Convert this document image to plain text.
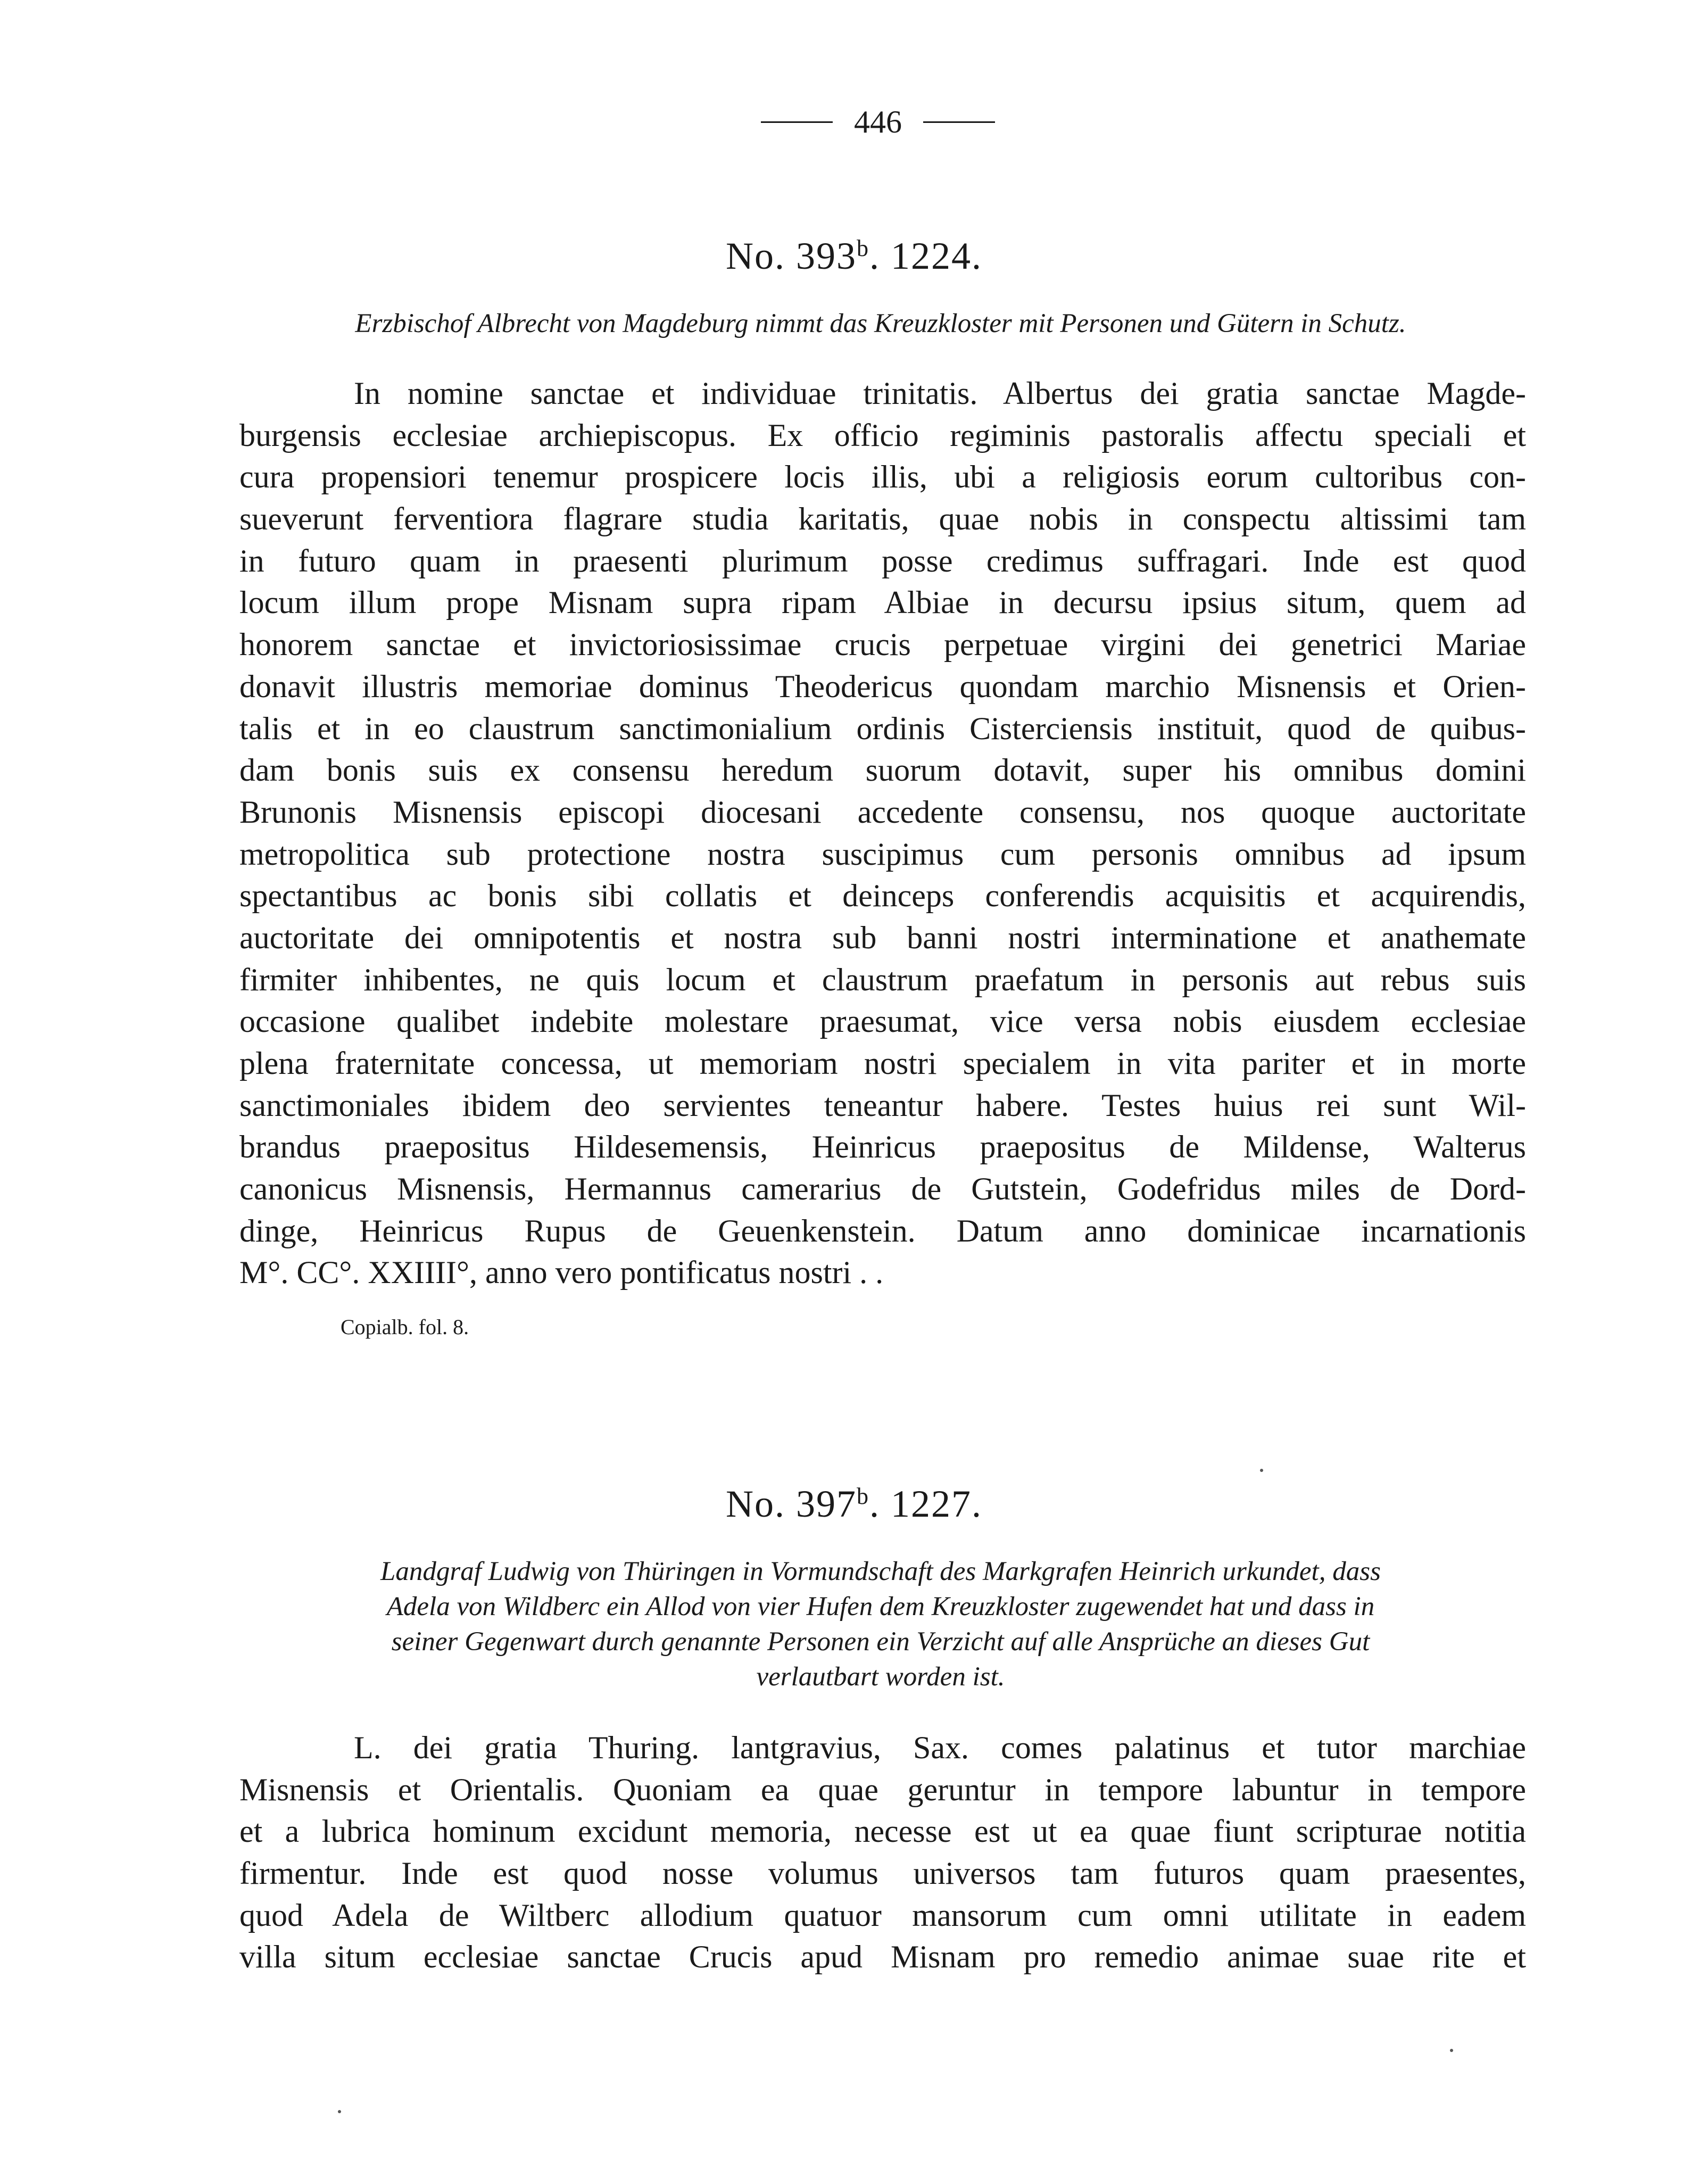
446
No. 393$^b$. 1224.
Erzbischof Albrecht von Magdeburg nimmt das Kreuzkloster mit Personen und Gütern in Schutz.
In nomine sanctae et individuae trinitatis. Albertus dei gratia sanctae Magde-
burgensis ecclesiae archiepiscopus. Ex officio regiminis pastoralis affectu speciali et
cura propensiori tenemur prospicere locis illis, ubi a religiosis eorum cultoribus con-
sueverunt ferventiora flagrare studia karitatis, quae nobis in conspectu altissimi tam
in futuro quam in praesenti plurimum posse credimus suffragari. Inde est quod
locum illum prope Misnam supra ripam Albiae in decursu ipsius situm, quem ad
honorem sanctae et invictoriosissimae crucis perpetuae virgini dei genetrici Mariae
donavit illustris memoriae dominus Theodericus quondam marchio Misnensis et Orien-
talis et in eo claustrum sanctimonialium ordinis Cisterciensis instituit, quod de quibus-
dam bonis suis ex consensu heredum suorum dotavit, super his omnibus domini
Brunonis Misnensis episcopi diocesani accedente consensu, nos quoque auctoritate
metropolitica sub protectione nostra suscipimus cum personis omnibus ad ipsum
spectantibus ac bonis sibi collatis et deinceps conferendis acquisitis et acquirendis,
auctoritate dei omnipotentis et nostra sub banni nostri interminatione et anathemate
firmiter inhibentes, ne quis locum et claustrum praefatum in personis aut rebus suis
occasione qualibet indebite molestare praesumat, vice versa nobis eiusdem ecclesiae
plena fraternitate concessa, ut memoriam nostri specialem in vita pariter et in morte
sanctimoniales ibidem deo servientes teneantur habere. Testes huius rei sunt Wil-
brandus praepositus Hildesemensis, Heinricus praepositus de Mildense, Walterus
canonicus Misnensis, Hermannus camerarius de Gutstein, Godefridus miles de Dord-
dinge, Heinricus Rupus de Geuenkenstein. Datum anno dominicae incarnationis
M°. CC°. XXIIII°, anno vero pontificatus nostri . .
Copialb. fol. 8.
No. 397$^b$. 1227.
Landgraf Ludwig von Thüringen in Vormundschaft des Markgrafen Heinrich urkundet, dass
Adela von Wildberc ein Allod von vier Hufen dem Kreuzkloster zugewendet hat und dass in
seiner Gegenwart durch genannte Personen ein Verzicht auf alle Ansprüche an dieses Gut
verlautbart worden ist.
L. dei gratia Thuring. lantgravius, Sax. comes palatinus et tutor marchiae
Misnensis et Orientalis. Quoniam ea quae geruntur in tempore labuntur in tempore
et a lubrica hominum excidunt memoria, necesse est ut ea quae fiunt scripturae notitia
firmentur. Inde est quod nosse volumus universos tam futuros quam praesentes,
quod Adela de Wiltberc allodium quatuor mansorum cum omni utilitate in eadem
villa situm ecclesiae sanctae Crucis apud Misnam pro remedio animae suae rite et
